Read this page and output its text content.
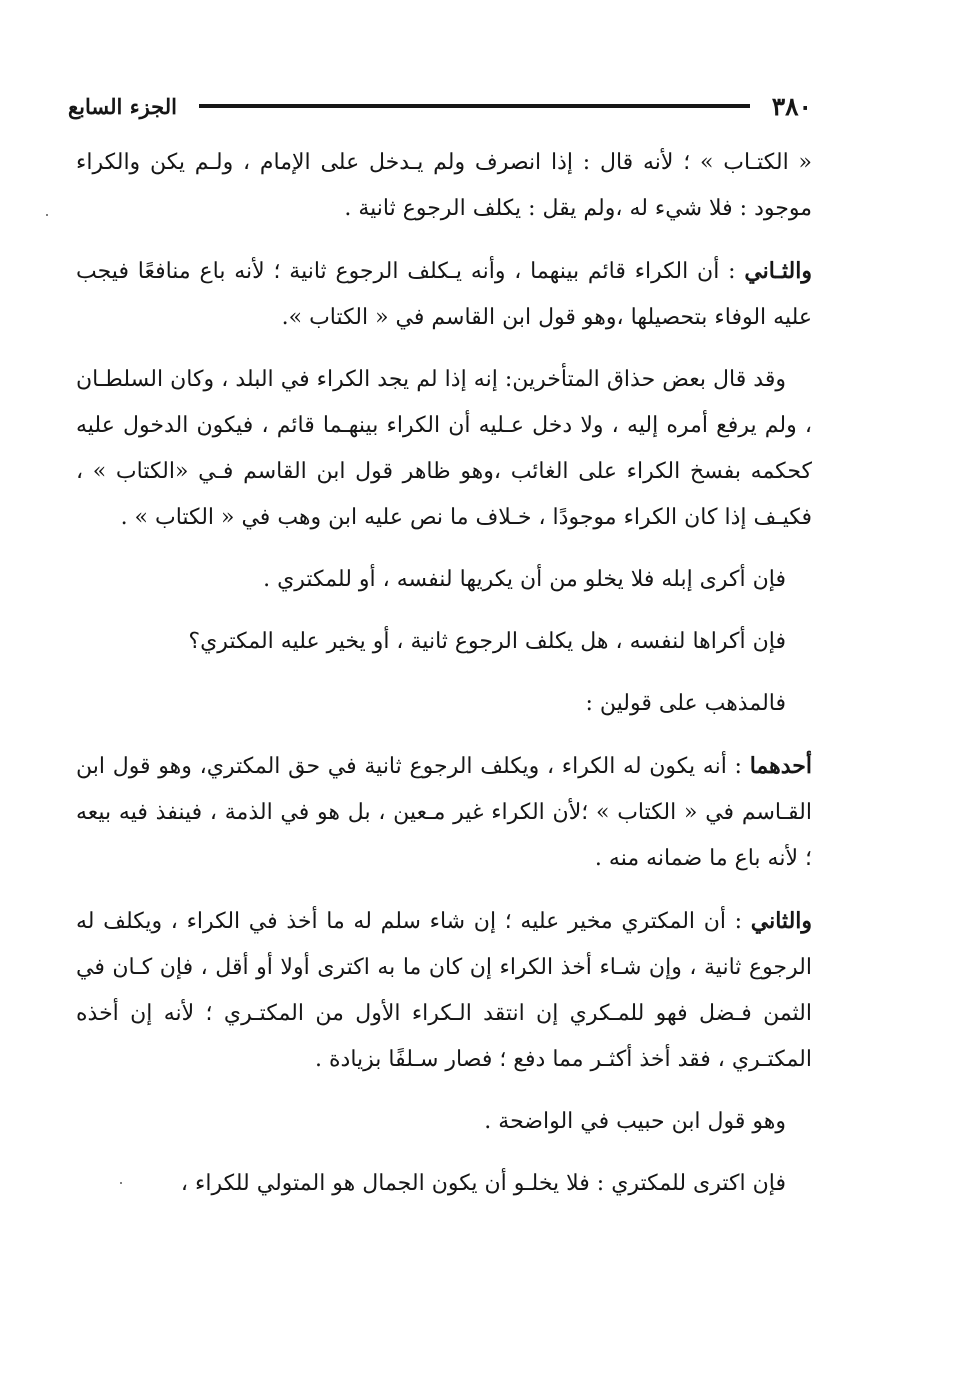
٣٨٠
الجزء السابع

« الكتـاب » ؛ لأنه قال : إذا انصرف ولم يـدخل على الإمام ، ولـم يكن والكراء موجود : فلا شيء له ،ولم يقل : يكلف الرجوع ثانية .

والثـاني : أن الكراء قائم بينهما ، وأنه يـكلف الرجوع ثانية ؛ لأنه باع منافعًا فيجب عليه الوفاء بتحصيلها ،وهو قول ابن القاسم في « الكتاب ».

وقد قال بعض حذاق المتأخرين: إنه إذا لم يجد الكراء في البلد ، وكان السلطـان ، ولم يرفع أمره إليه ، ولا دخل عـليه أن الكراء بينهـما قائم ، فيكون الدخول عليه كحكمه بفسخ الكراء على الغائب ،وهو ظاهر قول ابن القاسم فـي «الكتاب » ، فكيـف إذا كان الكراء موجودًا ، خـلاف ما نص عليه ابن وهب في « الكتاب » .

فإن أكرى إبله فلا يخلو من أن يكريها لنفسه ، أو للمكتري .

فإن أكراها لنفسه ، هل يكلف الرجوع ثانية ، أو يخير عليه المكتري؟

فالمذهب على قولين :

أحدهما : أنه يكون له الكراء ، ويكلف الرجوع ثانية في حق المكتري، وهو قول ابن القـاسم في « الكتاب » ؛لأن الكراء غير مـعين ، بل هو في الذمة ، فينفذ فيه بيعه ؛ لأنه باع ما ضمانه منه .

والثاني : أن المكتري مخير عليه ؛ إن شاء سلم له ما أخذ في الكراء ، ويكلف له الرجوع ثانية ، وإن شـاء أخذ الكراء إن كان ما به اكترى أولا أو أقل ، فإن كـان في الثمن فـضل فهو للمـكري إن انتقد الـكراء الأول من المكتـري ؛ لأنه إن أخذه المكتـري ، فقد أخذ أكثـر مما دفع ؛ فصار سـلفًا بزيادة .

وهو قول ابن حبيب في الواضحة .

فإن اكترى للمكتري : فلا يخلـو أن يكون الجمال هو المتولي للكراء ،
